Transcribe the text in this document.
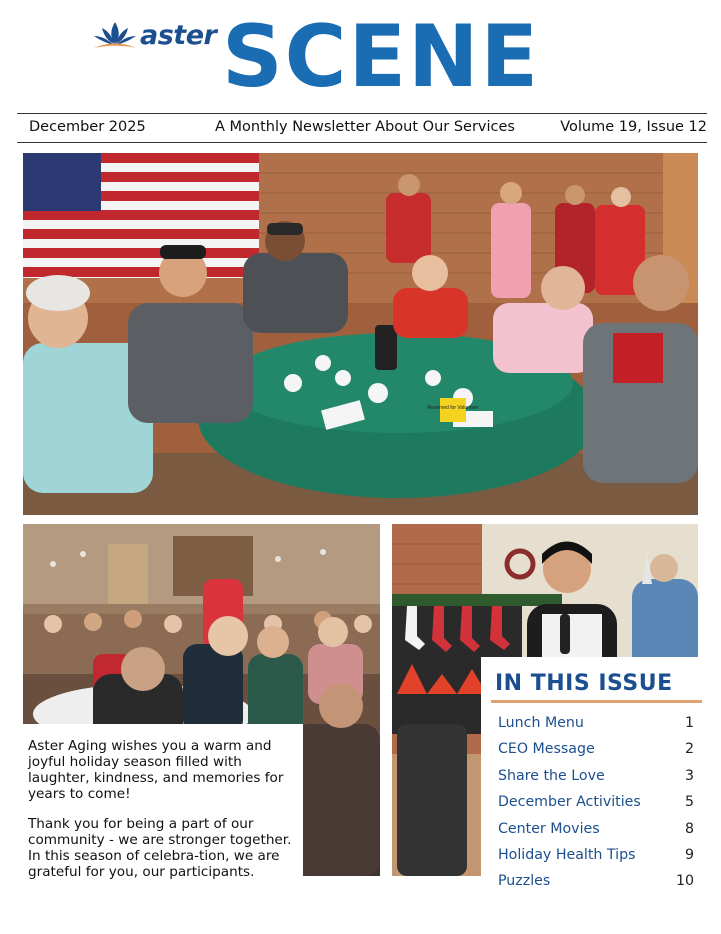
aster SCENE
December 2025	A Monthly Newsletter About Our Services	Volume 19, Issue 12
Reserved for Volunteer

Aster Aging wishes you a warm and joyful holiday season filled with laughter, kindness, and memories for years to come!

Thank you for being a part of our community - we are stronger together. In this season of celebra-tion, we are grateful for you, our participants.

IN THIS ISSUE
Lunch Menu	1
CEO Message	2
Share the Love	3
December Activities	5
Center Movies	8
Holiday Health Tips	9
Puzzles	10
